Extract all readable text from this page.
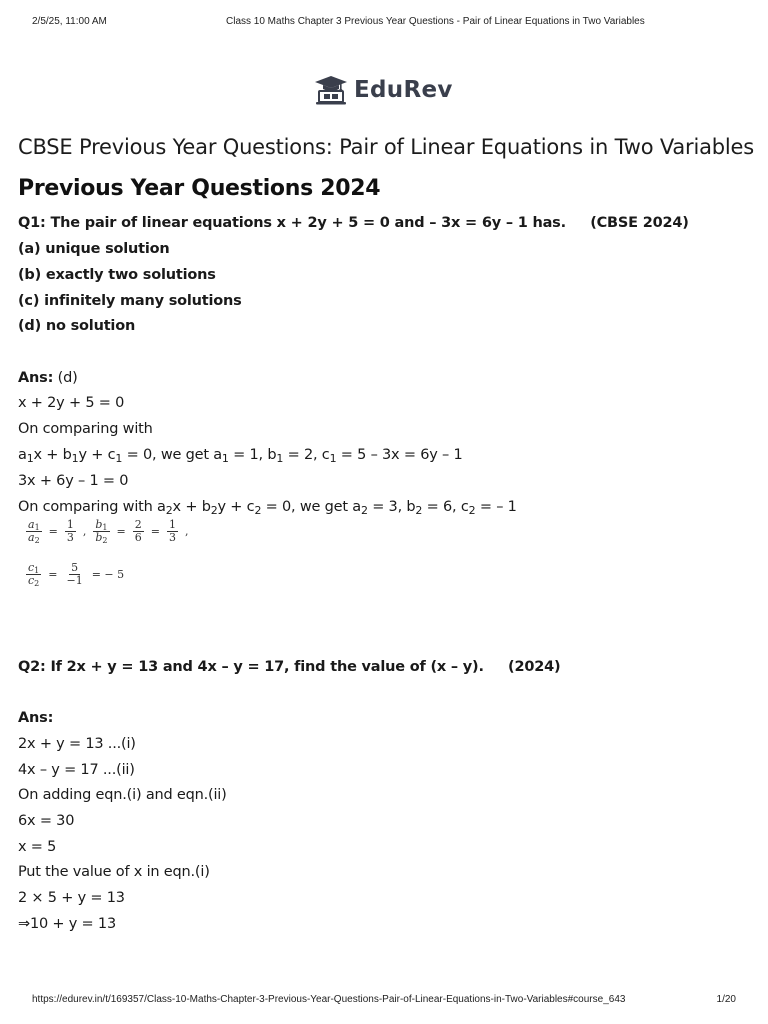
2/5/25, 11:00 AM	Class 10 Maths Chapter 3 Previous Year Questions - Pair of Linear Equations in Two Variables
EduRev
CBSE Previous Year Questions: Pair of Linear Equations in Two Variables
Previous Year Questions 2024
Q1: The pair of linear equations x + 2y + 5 = 0 and – 3x = 6y – 1 has. (CBSE 2024)
(a) unique solution
(b) exactly two solutions
(c) infinitely many solutions
(d) no solution
Ans: (d)
x + 2y + 5 = 0
On comparing with
$a_1x + b_1y + c_1 = 0$, we get $a_1 = 1$, $b_1 = 2$, $c_1 = 5 - 3x = 6y - 1$
3x + 6y – 1 = 0
On comparing with $a_2x + b_2y + c_2 = 0$, we get $a_2 = 3$, $b_2 = 6$, $c_2$ = – 1
$\frac{a_1}{a_2} = \frac{1}{3}$ , $\frac{b_1}{b_2} = \frac{2}{6} = \frac{1}{3}$ ,
$\frac{c_1}{c_2} = \frac{5}{-1}$ = − 5
Q2: If 2x + y = 13 and 4x – y = 17, find the value of (x – y). (2024)
Ans:
2x + y = 13 ...(i)
4x – y = 17 ...(ii)
On adding eqn.(i) and eqn.(ii)
6x = 30
x = 5
Put the value of x in eqn.(i)
2 × 5 + y = 13
⇒10 + y = 13
https://edurev.in/t/169357/Class-10-Maths-Chapter-3-Previous-Year-Questions-Pair-of-Linear-Equations-in-Two-Variables#course_643	1/20
